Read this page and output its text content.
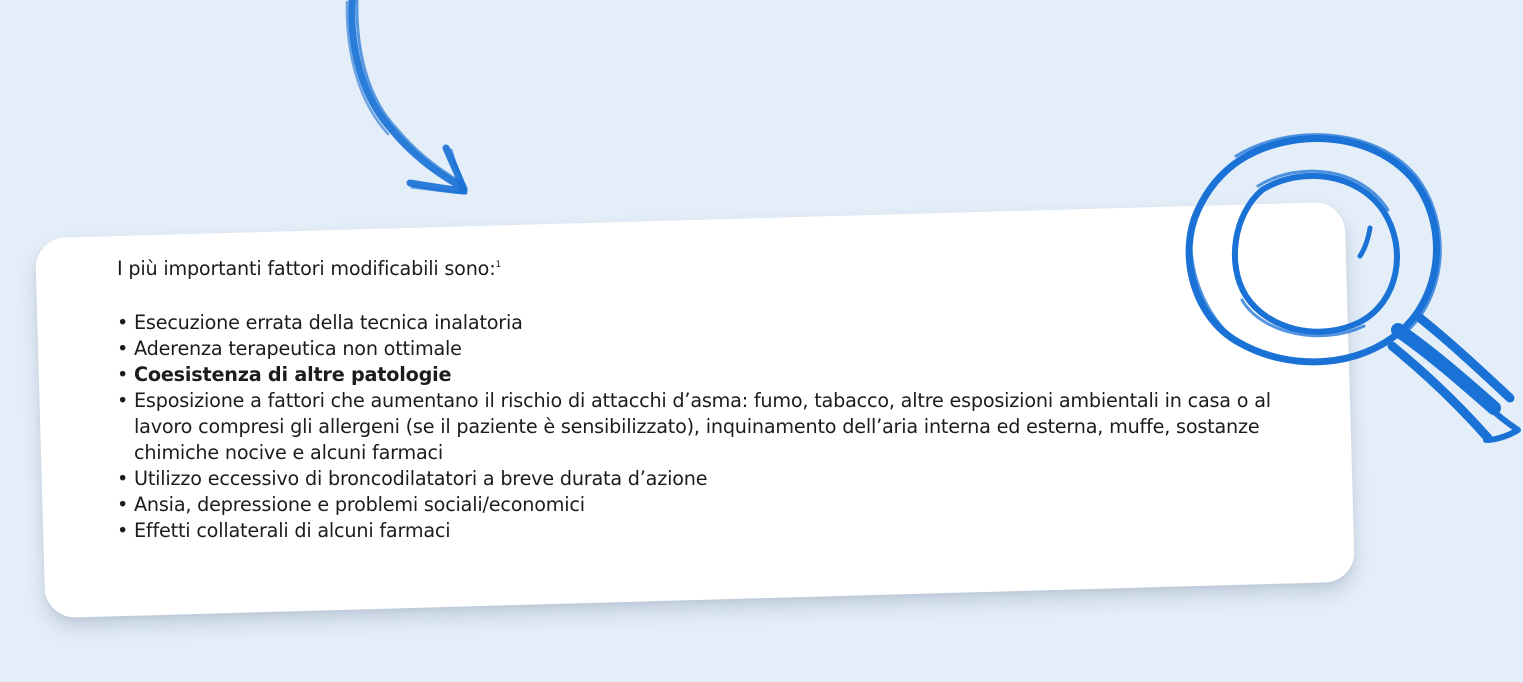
I più importanti fattori modificabili sono:$^1$

• Esecuzione errata della tecnica inalatoria
• Aderenza terapeutica non ottimale
• Coesistenza di altre patologie
• Esposizione a fattori che aumentano il rischio di attacchi d’asma: fumo, tabacco, altre esposizioni ambientali in casa o al lavoro compresi gli allergeni (se il paziente è sensibilizzato), inquinamento dell’aria interna ed esterna, muffe, sostanze chimiche nocive e alcuni farmaci
• Utilizzo eccessivo di broncodilatatori a breve durata d’azione
• Ansia, depressione e problemi sociali/economici
• Effetti collaterali di alcuni farmaci
